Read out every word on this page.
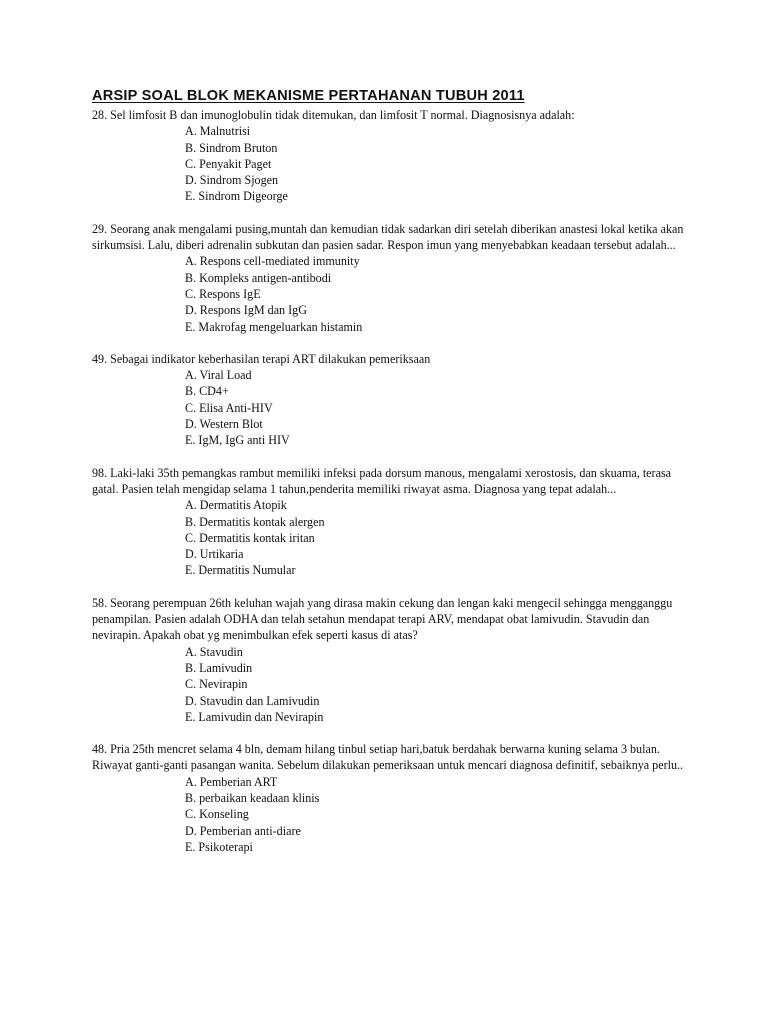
ARSIP SOAL BLOK MEKANISME PERTAHANAN TUBUH 2011

28. Sel limfosit B dan imunoglobulin tidak ditemukan, dan limfosit T normal. Diagnosisnya adalah:

A. Malnutrisi
B. Sindrom Bruton
C. Penyakit Paget
D. Sindrom Sjogen
E. Sindrom Digeorge

29. Seorang anak mengalami pusing,muntah dan kemudian tidak sadarkan diri setelah diberikan anastesi lokal ketika akan sirkumsisi. Lalu, diberi adrenalin subkutan dan pasien sadar. Respon imun yang menyebabkan keadaan tersebut adalah...

A. Respons cell-mediated immunity
B. Kompleks antigen-antibodi
C. Respons IgE
D. Respons IgM dan IgG
E. Makrofag mengeluarkan histamin

49. Sebagai indikator keberhasilan terapi ART dilakukan pemeriksaan

A. Viral Load
B. CD4+
C. Elisa Anti-HIV
D. Western Blot
E. IgM, IgG anti HIV

98. Laki-laki 35th pemangkas rambut memiliki infeksi pada dorsum manous, mengalami xerostosis, dan skuama, terasa gatal. Pasien telah mengidap selama 1 tahun,penderita memiliki riwayat asma. Diagnosa yang tepat adalah...

A. Dermatitis Atopik
B. Dermatitis kontak alergen
C. Dermatitis kontak iritan
D. Urtikaria
E. Dermatitis Numular

58. Seorang perempuan 26th keluhan wajah yang dirasa makin cekung dan lengan kaki mengecil sehingga mengganggu penampilan. Pasien adalah ODHA dan telah setahun mendapat terapi ARV, mendapat obat lamivudin. Stavudin dan nevirapin. Apakah obat yg menimbulkan efek seperti kasus di atas?

A. Stavudin
B. Lamivudin
C. Nevirapin
D. Stavudin dan Lamivudin
E. Lamivudin dan Nevirapin

48. Pria 25th mencret selama 4 bln, demam hilang tinbul setiap hari,batuk berdahak berwarna kuning selama 3 bulan. Riwayat ganti-ganti pasangan wanita. Sebelum dilakukan pemeriksaan untuk mencari diagnosa definitif, sebaiknya perlu..

A. Pemberian ART
B. perbaikan keadaan klinis
C. Konseling
D. Pemberian anti-diare
E. Psikoterapi
